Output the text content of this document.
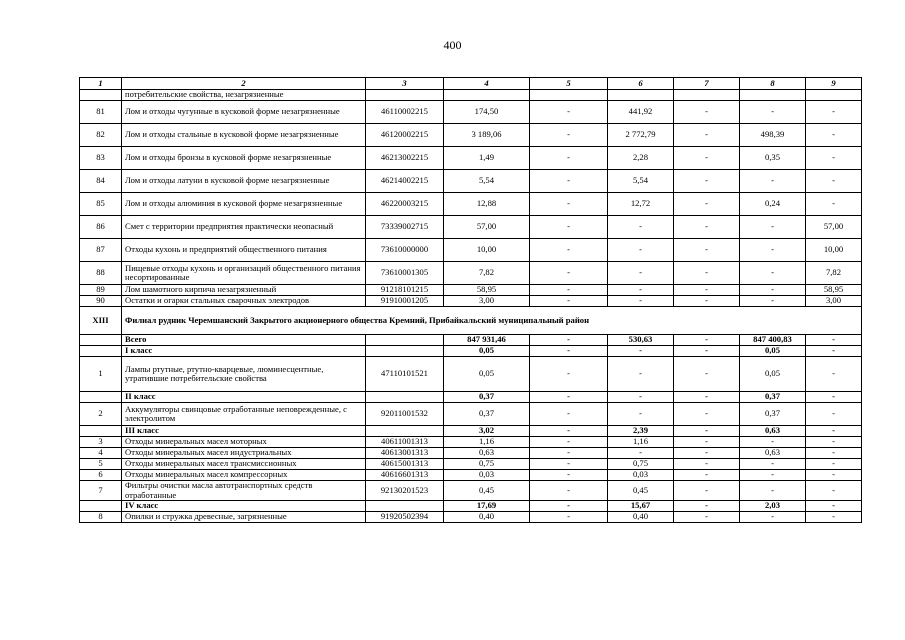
400
1	2	3	4	5	6	7	8	9
	потребительские свойства, незагрязненные							
81	Лом и отходы чугунные в кусковой форме незагрязненные	46110002215	174,50	-	441,92	-	-	-
82	Лом и отходы стальные в кусковой форме незагрязненные	46120002215	3 189,06	-	2 772,79	-	498,39	-
83	Лом и отходы бронзы в кусковой форме незагрязненные	46213002215	1,49	-	2,28	-	0,35	-
84	Лом и отходы латуни в кусковой форме незагрязненные	46214002215	5,54	-	5,54	-	-	-
85	Лом и отходы алюминия в кусковой форме незагрязненные	46220003215	12,88	-	12,72	-	0,24	-
86	Смет с территории предприятия практически неопасный	73339002715	57,00	-	-	-	-	57,00
87	Отходы кухонь и предприятий общественного питания	73610000000	10,00	-	-	-	-	10,00
88	Пищевые отходы кухонь и организаций общественного питания несортированные	73610001305	7,82	-	-	-	-	7,82
89	Лом шамотного кирпича незагрязненный	91218101215	58,95	-	-	-	-	58,95
90	Остатки и огарки стальных сварочных электродов	91910001205	3,00	-	-	-	-	3,00
XIII	Филиал рудник Черемшанский Закрытого акционерного общества Кремний, Прибайкальский муниципальный район							
	Всего		847 931,46	-	530,63	-	847 400,83	-
	I класс		0,05	-	-	-	0,05	-
1	Лампы ртутные, ртутно-кварцевые, люминесцентные, утратившие потребительские свойства	47110101521	0,05	-	-	-	0,05	-
	II класс		0,37	-	-	-	0,37	-
2	Аккумуляторы свинцовые отработанные неповрежденные, с электролитом	92011001532	0,37	-	-	-	0,37	-
	III класс		3,02	-	2,39	-	0,63	-
3	Отходы минеральных масел моторных	40611001313	1,16	-	1,16	-	-	-
4	Отходы минеральных масел индустриальных	40613001313	0,63	-	-	-	0,63	-
5	Отходы минеральных масел трансмиссионных	40615001313	0,75	-	0,75	-	-	-
6	Отходы минеральных масел компрессорных	40616601313	0,03	-	0,03	-	-	-
7	Фильтры очистки масла автотранспортных средств отработанные	92130201523	0,45	-	0,45	-	-	-
	IV класс		17,69	-	15,67	-	2,03	-
8	Опилки и стружка древесные, загрязненные	91920502394	0,40	-	0,40	-	-	-
